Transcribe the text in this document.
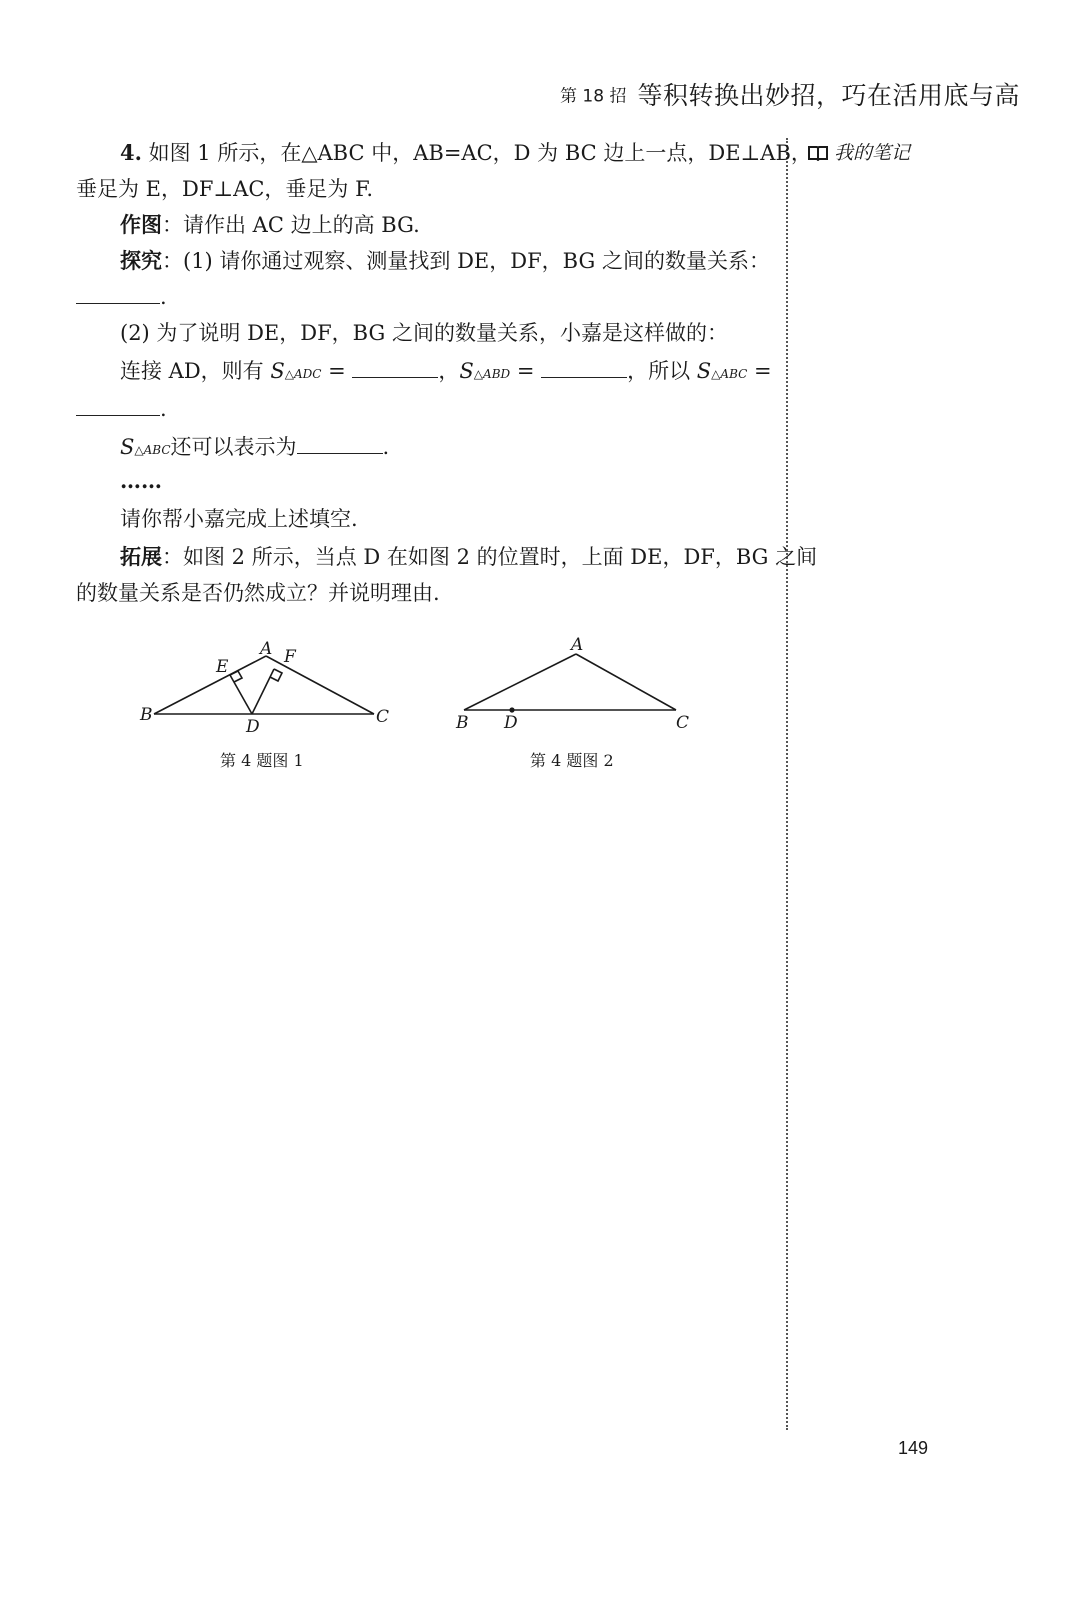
第 18 招 等积转换出妙招，巧在活用底与高
我的笔记
4. 如图 1 所示，在△ABC 中，AB=AC，D 为 BC 边上一点，DE⊥AB，
垂足为 E，DF⊥AC，垂足为 F.
作图：请作出 AC 边上的高 BG.
探究：(1) 请你通过观察、测量找到 DE，DF，BG 之间的数量关系：
.
(2) 为了说明 DE，DF，BG 之间的数量关系，小嘉是这样做的：
连接 AD，则有 S△ADC =	，S△ABD =	，所以 S△ABC =
.
S△ABC还可以表示为	.
……
请你帮小嘉完成上述填空.
拓展：如图 2 所示，当点 D 在如图 2 的位置时，上面 DE，DF，BG 之间
的数量关系是否仍然成立？并说明理由.
A
B	C
D
E	F
第 4 题图 1
A
B	C
D
第 4 题图 2
149
